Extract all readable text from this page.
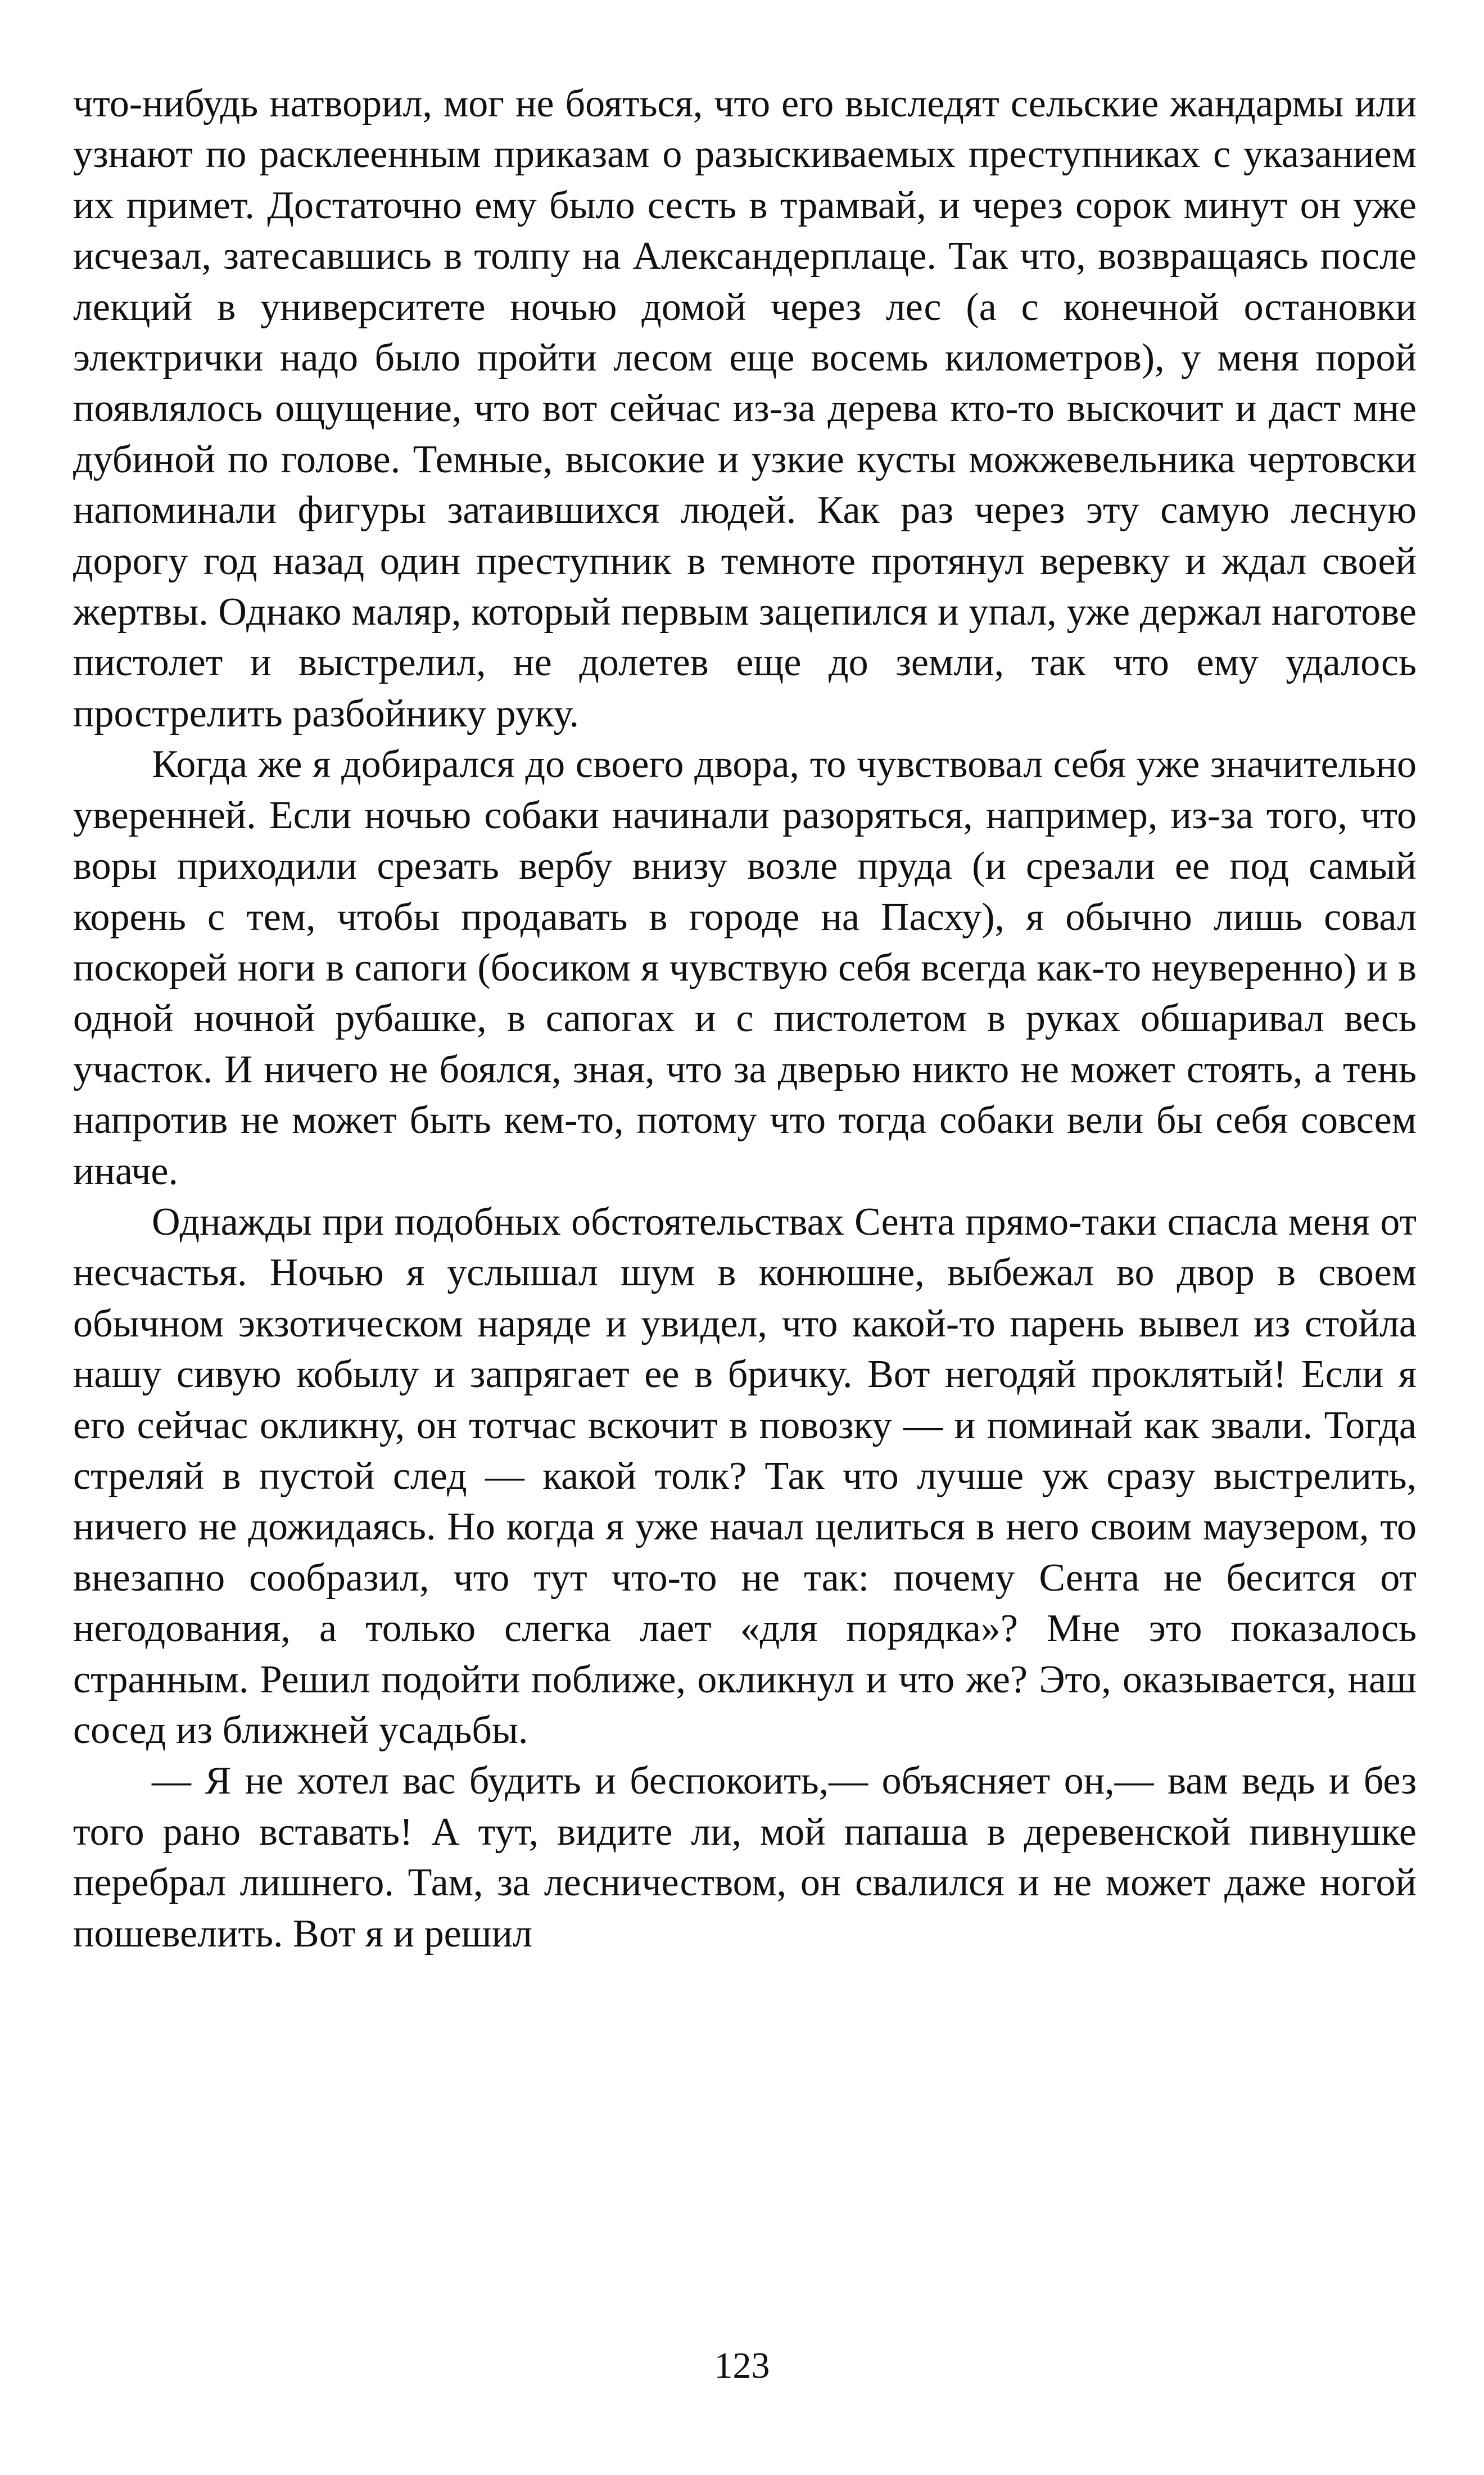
что-нибудь натворил, мог не бояться, что его выследят сельские жандармы или узнают по расклеенным приказам о разыскиваемых преступниках с указанием их примет. Достаточно ему было сесть в трамвай, и через сорок минут он уже исчезал, затесавшись в толпу на Александерплаце. Так что, возвращаясь после лекций в университете ночью домой через лес (а с конечной остановки электрички надо было пройти лесом еще восемь километров), у меня порой появлялось ощущение, что вот сейчас из-за дерева кто-то выскочит и даст мне дубиной по голове. Темные, высокие и узкие кусты можжевельника чертовски напоминали фигуры затаившихся людей. Как раз через эту самую лесную дорогу год назад один преступник в темноте протянул веревку и ждал своей жертвы. Однако маляр, который первым зацепился и упал, уже держал наготове пистолет и выстрелил, не долетев еще до земли, так что ему удалось прострелить разбойнику руку.

Когда же я добирался до своего двора, то чувствовал себя уже значительно уверенней. Если ночью собаки начинали разоряться, например, из-за того, что воры приходили срезать вербу внизу возле пруда (и срезали ее под самый корень с тем, чтобы продавать в городе на Пасху), я обычно лишь совал поскорей ноги в сапоги (босиком я чувствую себя всегда как-то неуверенно) и в одной ночной рубашке, в сапогах и с пистолетом в руках обшаривал весь участок. И ничего не боялся, зная, что за дверью никто не может стоять, а тень напротив не может быть кем-то, потому что тогда собаки вели бы себя совсем иначе.

Однажды при подобных обстоятельствах Сента прямо-таки спасла меня от несчастья. Ночью я услышал шум в конюшне, выбежал во двор в своем обычном экзотическом наряде и увидел, что какой-то парень вывел из стойла нашу сивую кобылу и запрягает ее в бричку. Вот негодяй проклятый! Если я его сейчас окликну, он тотчас вскочит в повозку — и поминай как звали. Тогда стреляй в пустой след — какой толк? Так что лучше уж сразу выстрелить, ничего не дожидаясь. Но когда я уже начал целиться в него своим маузером, то внезапно сообразил, что тут что-то не так: почему Сента не бесится от негодования, а только слегка лает «для порядка»? Мне это показалось странным. Решил подойти поближе, окликнул и что же? Это, оказывается, наш сосед из ближней усадьбы.

— Я не хотел вас будить и беспокоить,— объясняет он,— вам ведь и без того рано вставать! А тут, видите ли, мой папаша в деревенской пивнушке перебрал лишнего. Там, за лесничеством, он свалился и не может даже ногой пошевелить. Вот я и решил

123
